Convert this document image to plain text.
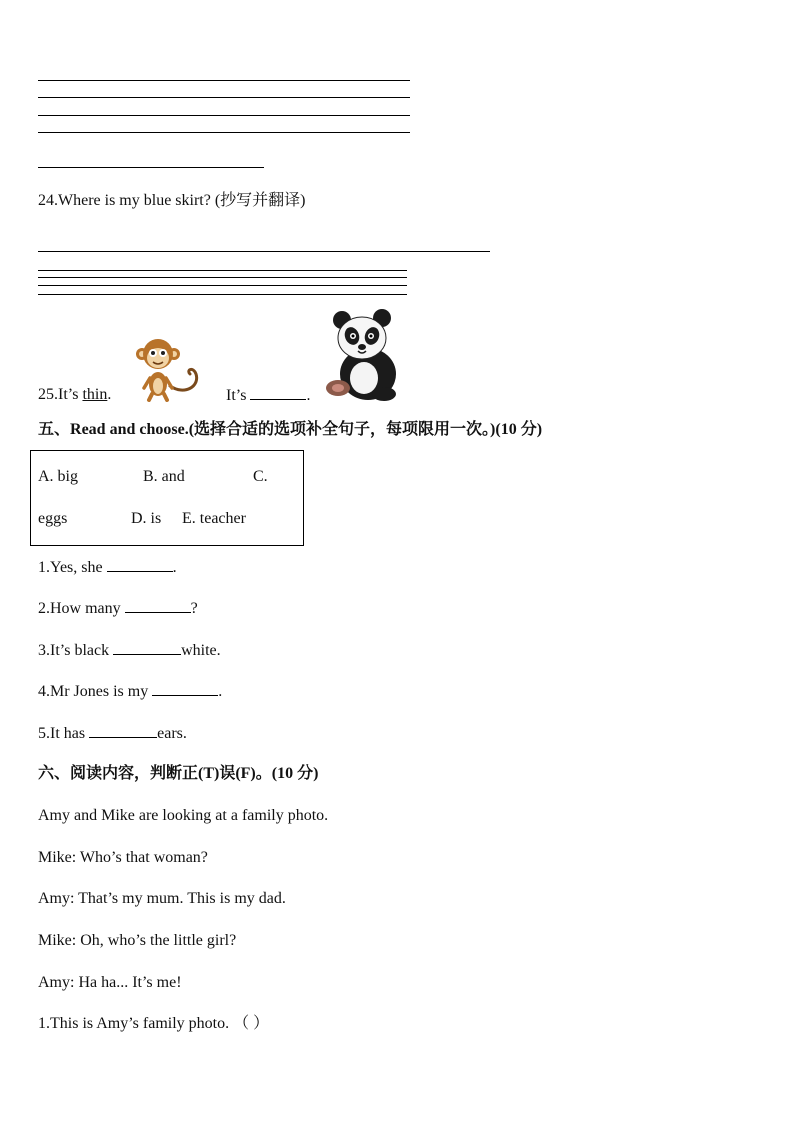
24.Where is my blue skirt? (抄写并翻译)
25.It’s thin.	It’s	.
五、Read and choose.(选择合适的选项补全句子，每项限用一次。)(10 分)
A. big	B. and	C.
eggs	D. is E. teacher
1.Yes, she	.
2.How many	?
3.It’s black	white.
4.Mr Jones is my	.
5.It has	ears.
六、阅读内容，判断正(T)误(F)。(10 分)
Amy and Mike are looking at a family photo.
Mike: Who’s that woman?
Amy: That’s my mum. This is my dad.
Mike: Oh, who’s the little girl?
Amy: Ha ha... It’s me!
1.This is Amy’s family photo. （ ）
